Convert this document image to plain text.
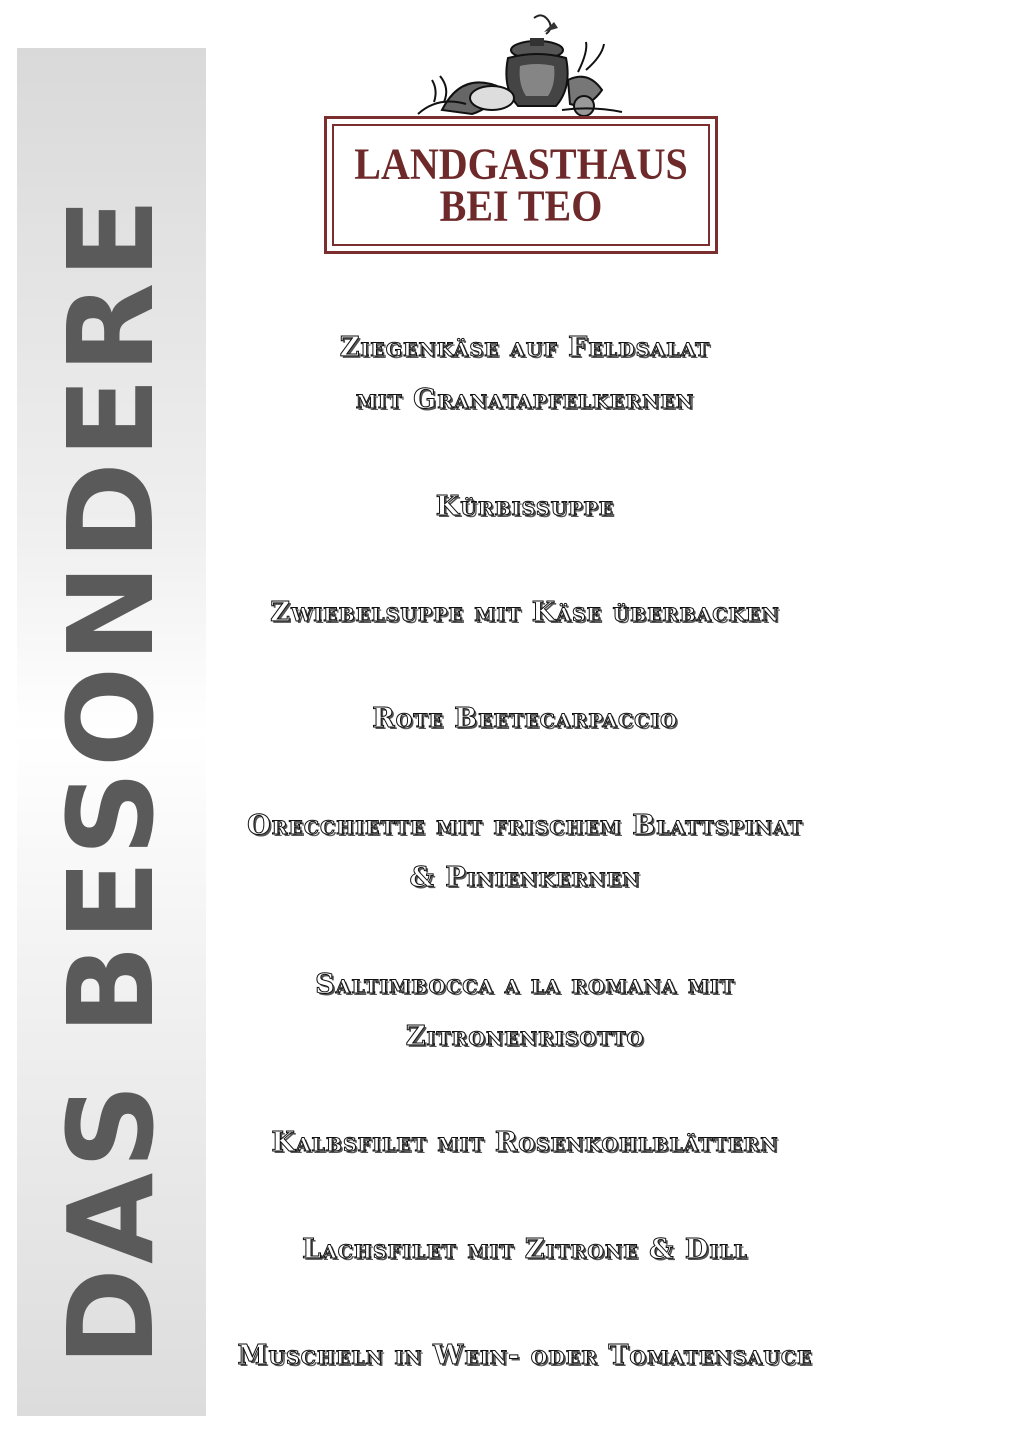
DAS BESONDERE
LANDGASTHAUS
BEI TEO
Ziegenkäse auf Feldsalat
mit Granatapfelkernen
Kürbissuppe
Zwiebelsuppe mit Käse überbacken
Rote Beetecarpaccio
Orecchiette mit frischem Blattspinat
& Pinienkernen
Saltimbocca a la romana mit
Zitronenrisotto
Kalbsfilet mit Rosenkohlblättern
Lachsfilet mit Zitrone & Dill
Muscheln in Wein- oder Tomatensauce
